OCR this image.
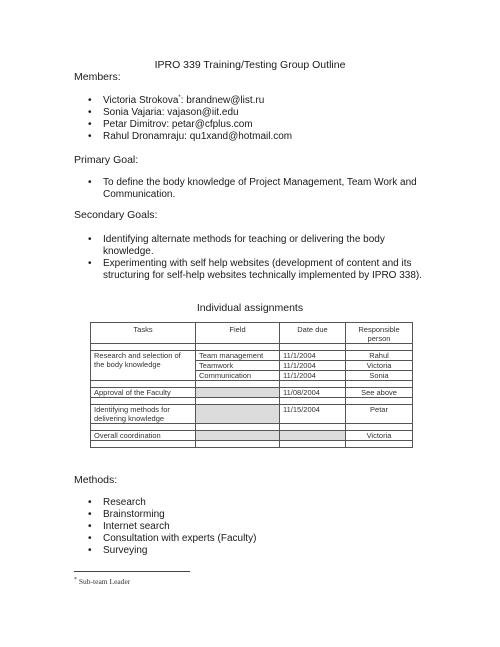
IPRO 339 Training/Testing Group Outline
Members:
• Victoria Strokova*: brandnew@list.ru
• Sonia Vajaria: vajason@iit.edu
• Petar Dimitrov: petar@cfplus.com
• Rahul Dronamraju: qu1xand@hotmail.com
Primary Goal:
• To define the body knowledge of Project Management, Team Work and Communication.
Secondary Goals:
• Identifying alternate methods for teaching or delivering the body knowledge.
• Experimenting with self help websites (development of content and its structuring for self-help websites technically implemented by IPRO 338).
Individual assignments
Tasks	Field	Date due	Responsible person

Research and selection of the body knowledge	Team management	11/1/2004	Rahul
	Teamwork	11/1/2004	Victoria
	Communication	11/1/2004	Sonia

Approval of the Faculty		11/08/2004	See above

Identifying methods for delivering knowledge		11/15/2004	Petar

Overall coordination			Victoria

Methods:
• Research
• Brainstorming
• Internet search
• Consultation with experts (Faculty)
• Surveying
* Sub-team Leader
